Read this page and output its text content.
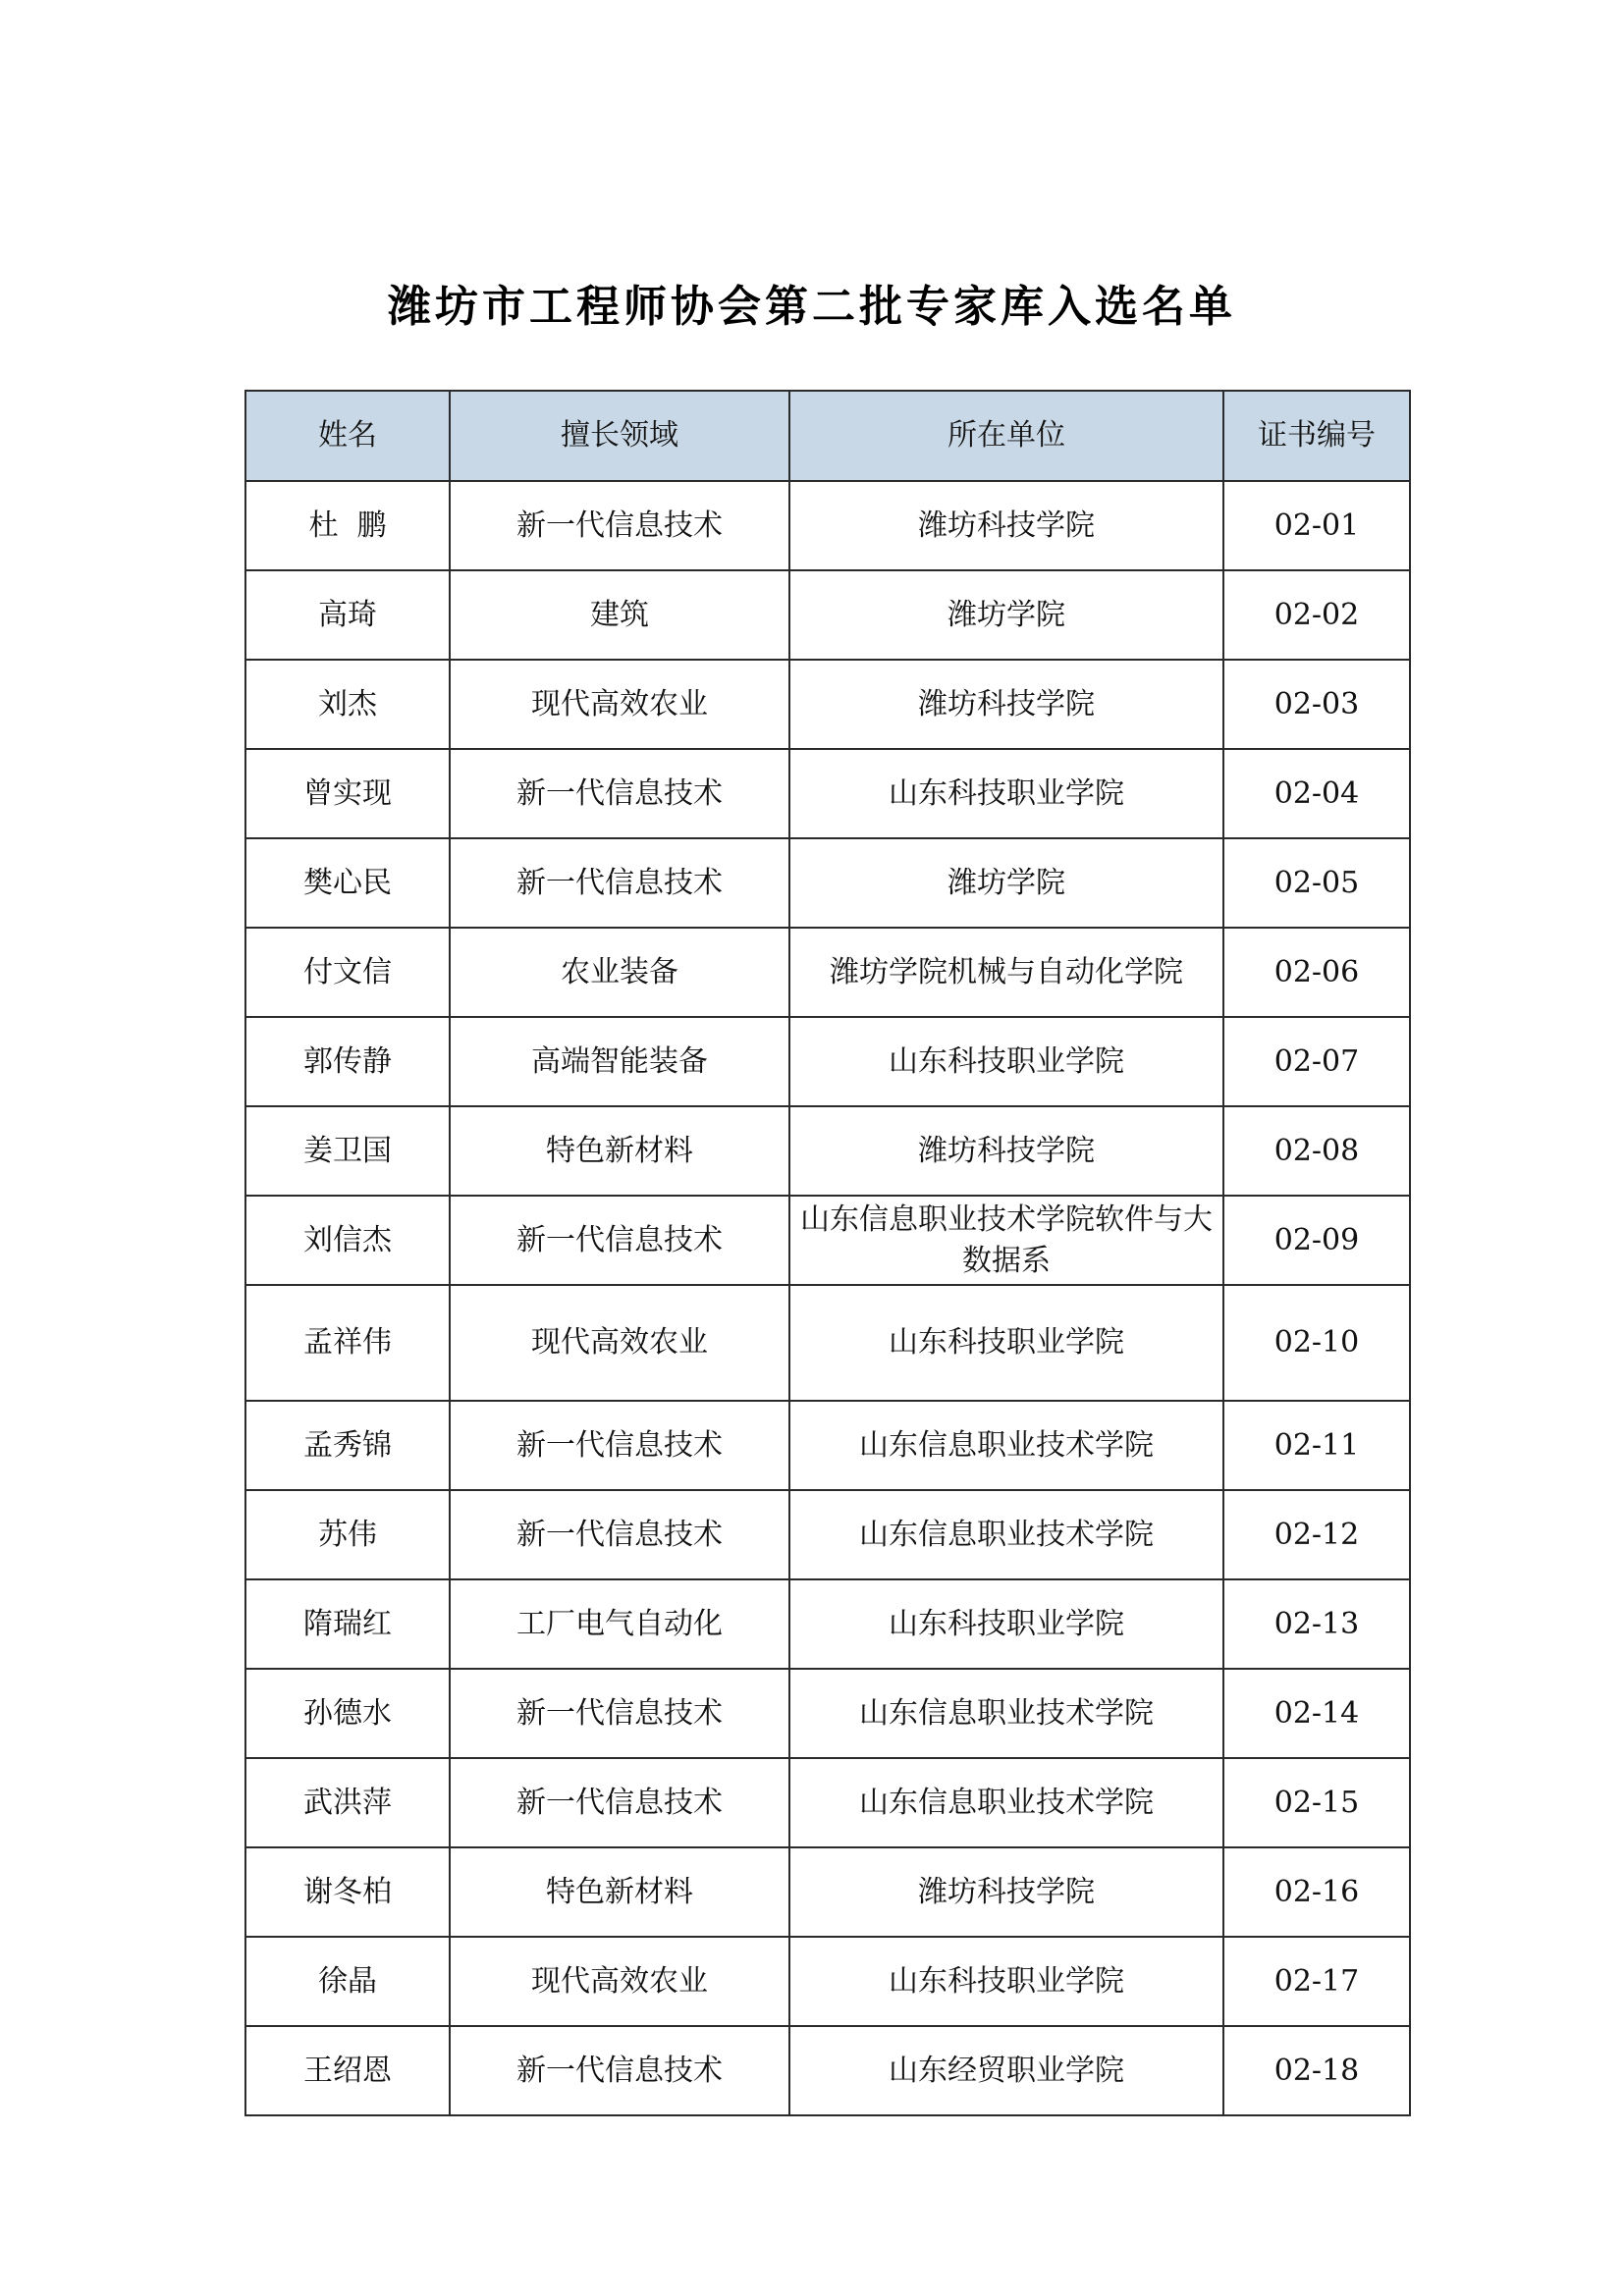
潍坊市工程师协会第二批专家库入选名单
姓名	擅长领域	所在单位	证书编号
杜  鹏	新一代信息技术	潍坊科技学院	02-01
高琦	建筑	潍坊学院	02-02
刘杰	现代高效农业	潍坊科技学院	02-03
曾实现	新一代信息技术	山东科技职业学院	02-04
樊心民	新一代信息技术	潍坊学院	02-05
付文信	农业装备	潍坊学院机械与自动化学院	02-06
郭传静	高端智能装备	山东科技职业学院	02-07
姜卫国	特色新材料	潍坊科技学院	02-08
刘信杰	新一代信息技术	山东信息职业技术学院软件与大数据系	02-09
孟祥伟	现代高效农业	山东科技职业学院	02-10
孟秀锦	新一代信息技术	山东信息职业技术学院	02-11
苏伟	新一代信息技术	山东信息职业技术学院	02-12
隋瑞红	工厂电气自动化	山东科技职业学院	02-13
孙德水	新一代信息技术	山东信息职业技术学院	02-14
武洪萍	新一代信息技术	山东信息职业技术学院	02-15
谢冬柏	特色新材料	潍坊科技学院	02-16
徐晶	现代高效农业	山东科技职业学院	02-17
王绍恩	新一代信息技术	山东经贸职业学院	02-18
